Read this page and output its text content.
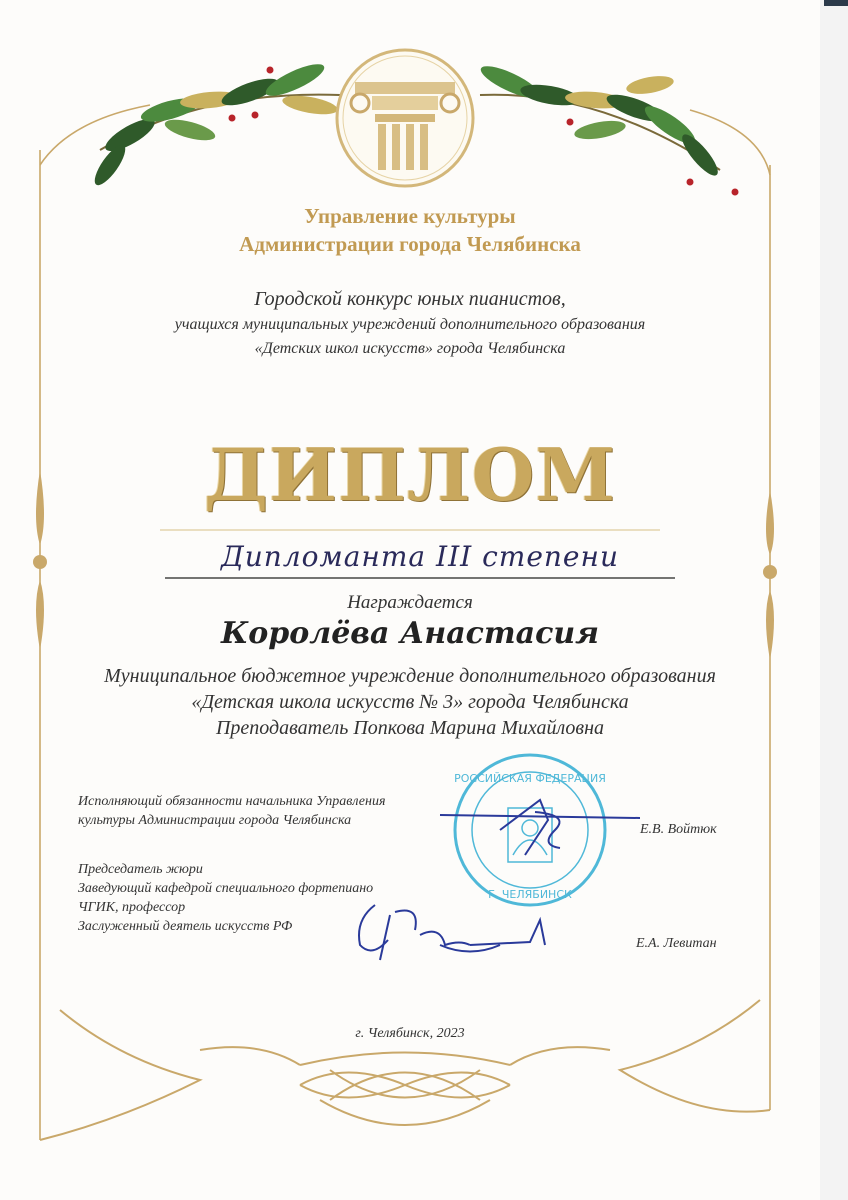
РОССИЙСКАЯ ФЕДЕРАЦИЯ
Г. ЧЕЛЯБИНСК
Управление культуры
Администрации города Челябинска
Городской конкурс юных пианистов,
учащихся муниципальных учреждений дополнительного образования
«Детских школ искусств» города Челябинска
ДИПЛОМ
Дипломанта III степени
Награждается
Королёва Анастасия
Муниципальное бюджетное учреждение дополнительного образования
«Детская школа искусств № 3» города Челябинска
Преподаватель Попкова Марина Михайловна
Исполняющий обязанности начальника Управления
культуры Администрации города Челябинска
Е.В. Войтюк
Председатель жюри
Заведующий кафедрой специального фортепиано
ЧГИК, профессор
Заслуженный деятель искусств РФ
Е.А. Левитан
г. Челябинск, 2023
